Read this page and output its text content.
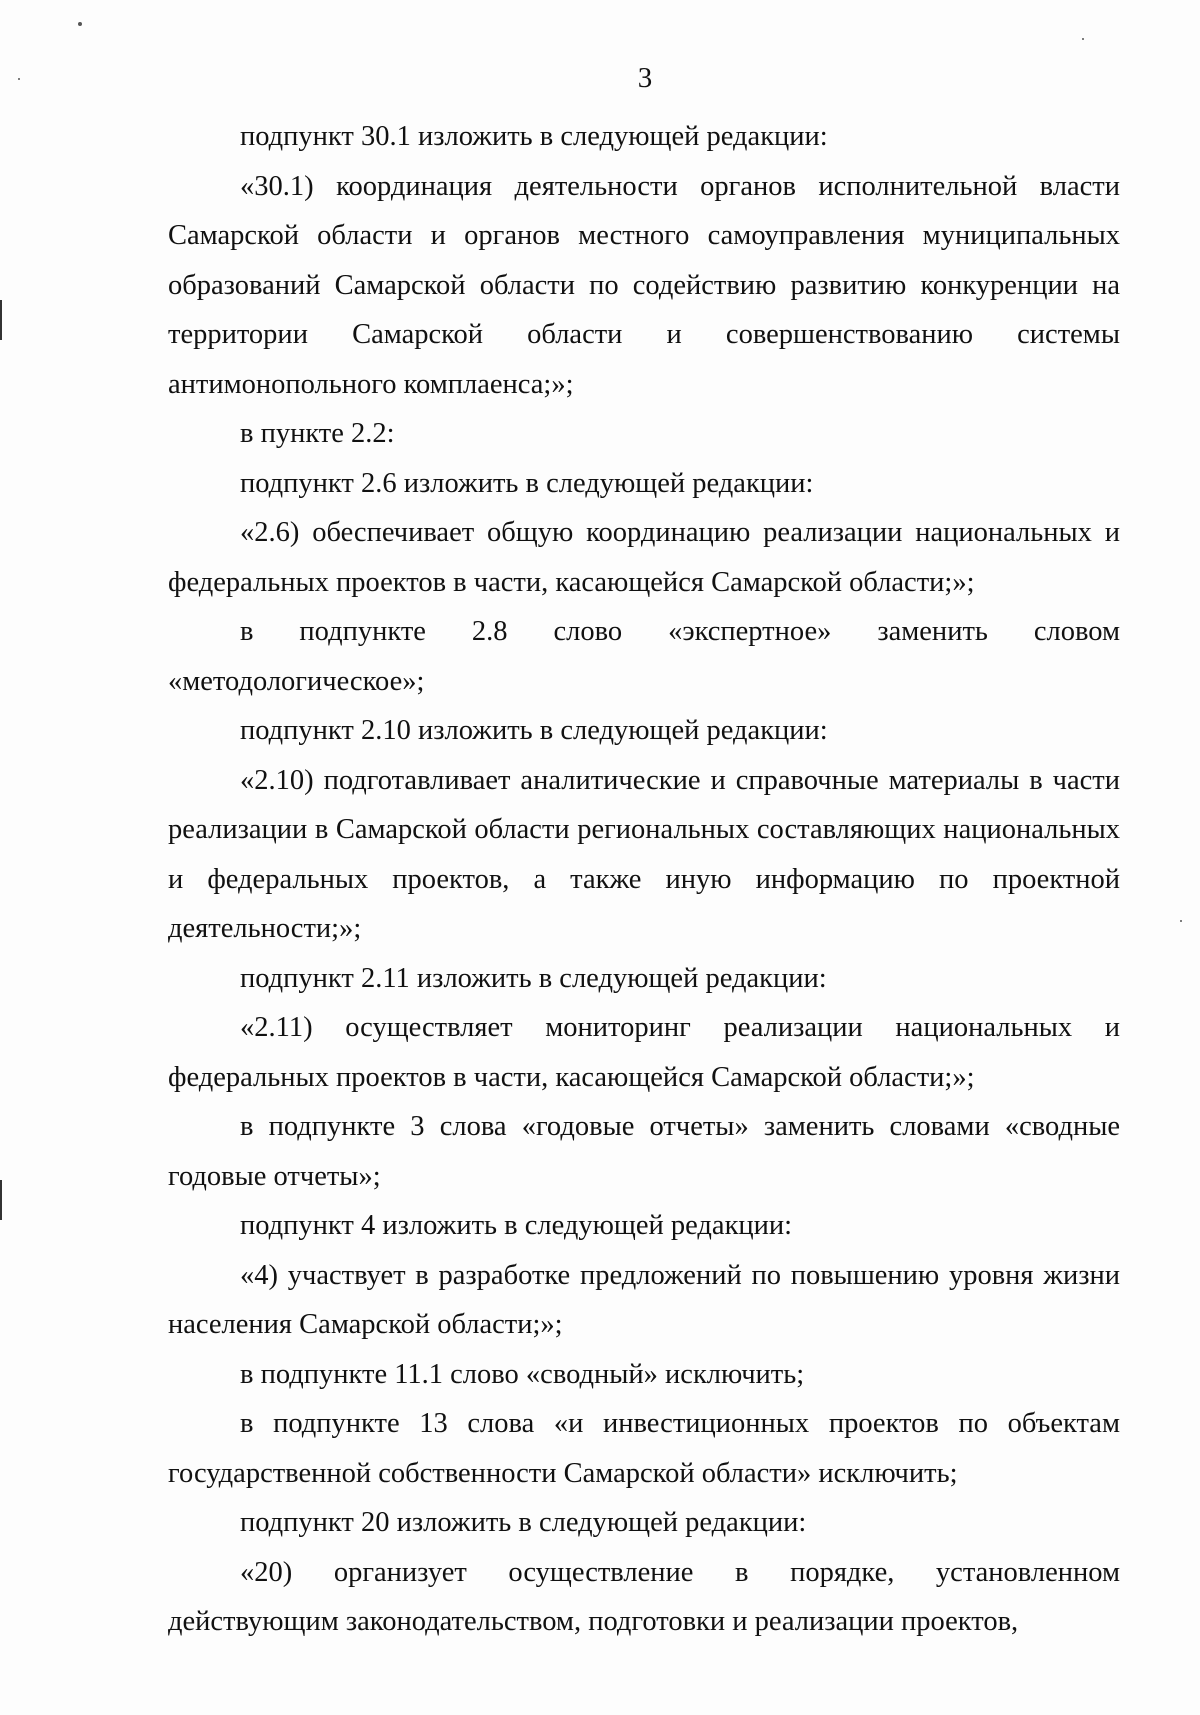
3

подпункт 30.1 изложить в следующей редакции:

«30.1) координация деятельности органов исполнительной власти Самарской области и органов местного самоуправления муниципальных образований Самарской области по содействию развитию конкуренции на территории Самарской области и совершенствованию системы антимонопольного комплаенса;»;

в пункте 2.2:

подпункт 2.6 изложить в следующей редакции:

«2.6) обеспечивает общую координацию реализации национальных и федеральных проектов в части, касающейся Самарской области;»;

в подпункте 2.8 слово «экспертное» заменить словом «методологическое»;

подпункт 2.10 изложить в следующей редакции:

«2.10) подготавливает аналитические и справочные материалы в части реализации в Самарской области региональных составляющих национальных и федеральных проектов, а также иную информацию по проектной деятельности;»;

подпункт 2.11 изложить в следующей редакции:

«2.11) осуществляет мониторинг реализации национальных и федеральных проектов в части, касающейся Самарской области;»;

в подпункте 3 слова «годовые отчеты» заменить словами «сводные годовые отчеты»;

подпункт 4 изложить в следующей редакции:

«4) участвует в разработке предложений по повышению уровня жизни населения Самарской области;»;

в подпункте 11.1 слово «сводный» исключить;

в подпункте 13 слова «и инвестиционных проектов по объектам государственной собственности Самарской области» исключить;

подпункт 20 изложить в следующей редакции:

«20) организует осуществление в порядке, установленном действующим законодательством, подготовки и реализации проектов,
